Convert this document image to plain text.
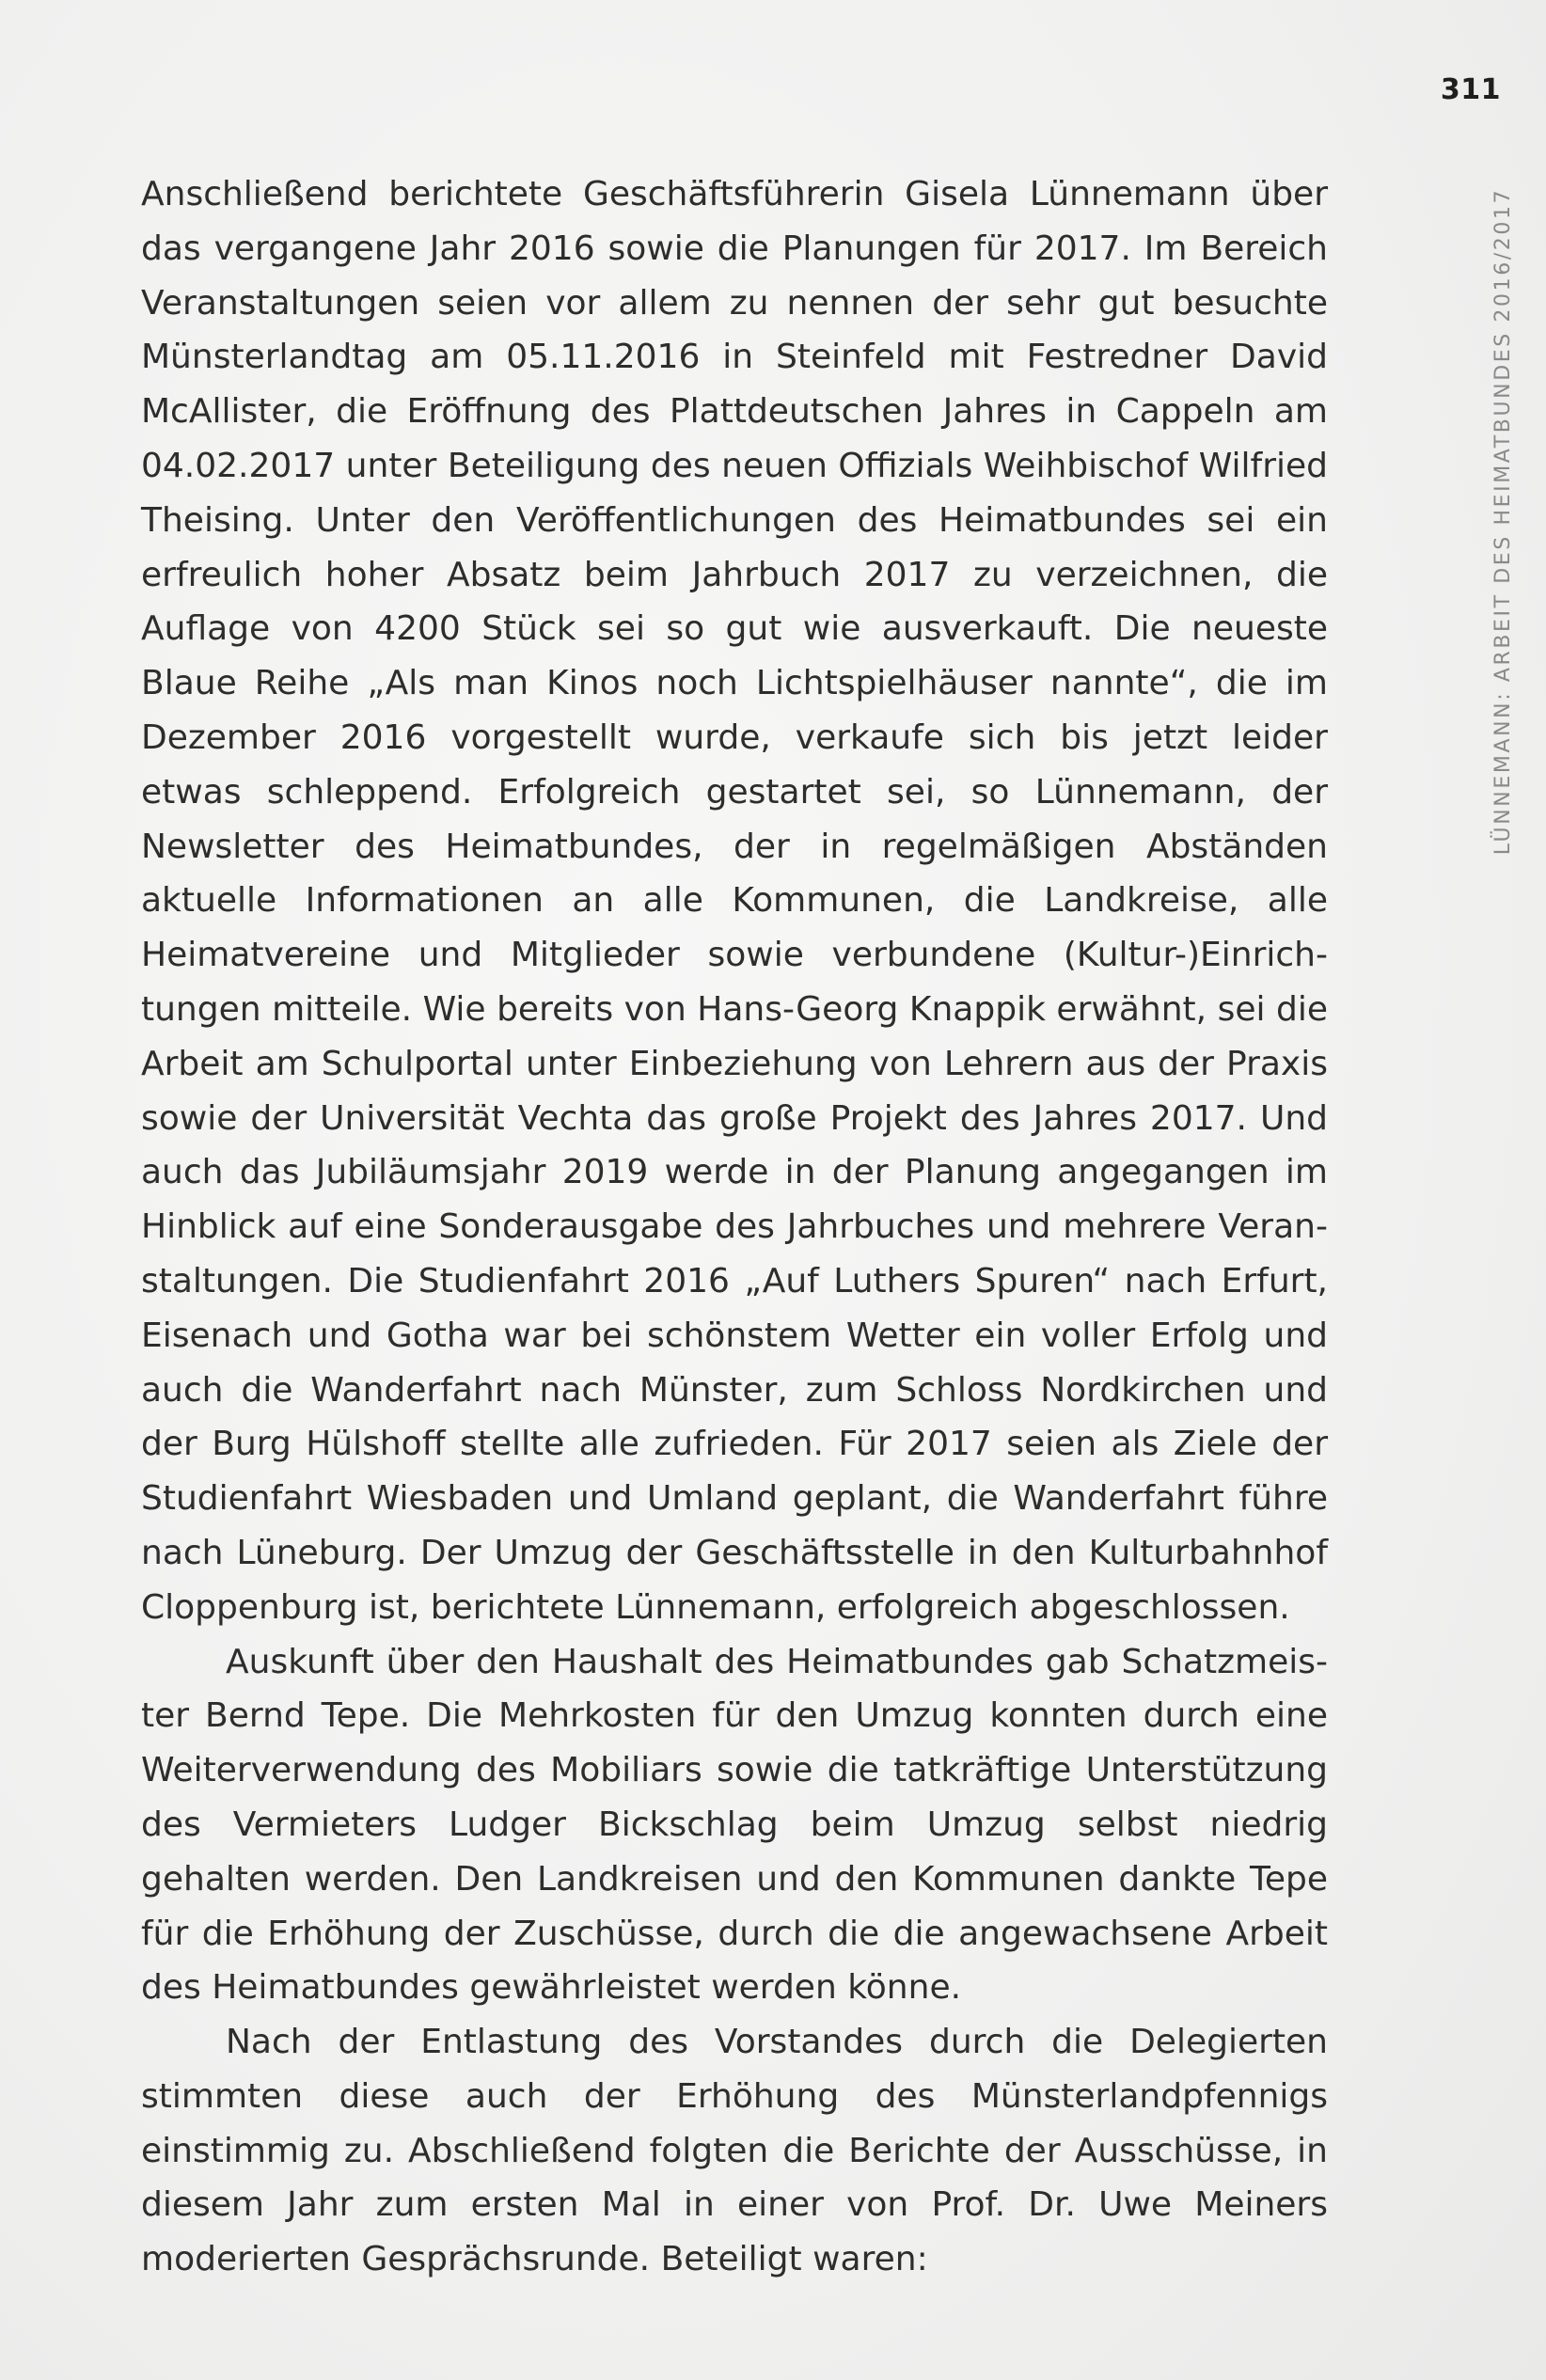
311
LÜNNEMANN: ARBEIT DES HEIMATBUNDES 2016/2017

Anschließend berichtete Geschäftsführerin Gisela Lünnemann über das vergangene Jahr 2016 sowie die Planungen für 2017. Im Bereich Veranstaltungen seien vor allem zu nennen der sehr gut besuchte Münsterlandtag am 05.11.2016 in Steinfeld mit Festredner David McAllister, die Eröffnung des Plattdeutschen Jahres in Cappeln am 04.02.2017 unter Beteiligung des neuen Offizials Weihbischof Wilfried Theising. Unter den Veröffentlichungen des Heimatbundes sei ein erfreulich hoher Absatz beim Jahrbuch 2017 zu verzeichnen, die Auflage von 4200 Stück sei so gut wie ausverkauft. Die neueste Blaue Reihe „Als man Kinos noch Lichtspielhäuser nannte“, die im Dezember 2016 vorgestellt wurde, verkaufe sich bis jetzt leider etwas schleppend. Erfolgreich gestartet sei, so Lünnemann, der Newsletter des Heimatbundes, der in regelmäßigen Abständen aktuelle Informationen an alle Kommunen, die Landkreise, alle Heimatvereine und Mitglieder sowie verbundene (Kultur-)Einrichtungen mitteile. Wie bereits von Hans-Georg Knappik erwähnt, sei die Arbeit am Schulportal unter Einbeziehung von Lehrern aus der Praxis sowie der Universität Vechta das große Projekt des Jahres 2017. Und auch das Jubiläumsjahr 2019 werde in der Planung angegangen im Hinblick auf eine Sonderausgabe des Jahrbuches und mehrere Veranstaltungen. Die Studienfahrt 2016 „Auf Luthers Spuren“ nach Erfurt, Eisenach und Gotha war bei schönstem Wetter ein voller Erfolg und auch die Wanderfahrt nach Münster, zum Schloss Nordkirchen und der Burg Hülshoff stellte alle zufrieden. Für 2017 seien als Ziele der Studienfahrt Wiesbaden und Umland geplant, die Wanderfahrt führe nach Lüneburg. Der Umzug der Geschäftsstelle in den Kulturbahnhof Cloppenburg ist, berichtete Lünnemann, erfolgreich abgeschlossen.

Auskunft über den Haushalt des Heimatbundes gab Schatzmeister Bernd Tepe. Die Mehrkosten für den Umzug konnten durch eine Weiterverwendung des Mobiliars sowie die tatkräftige Unterstützung des Vermieters Ludger Bickschlag beim Umzug selbst niedrig gehalten werden. Den Landkreisen und den Kommunen dankte Tepe für die Erhöhung der Zuschüsse, durch die die angewachsene Arbeit des Heimatbundes gewährleistet werden könne.

Nach der Entlastung des Vorstandes durch die Delegierten stimmten diese auch der Erhöhung des Münsterlandpfennigs einstimmig zu. Abschließend folgten die Berichte der Ausschüsse, in diesem Jahr zum ersten Mal in einer von Prof. Dr. Uwe Meiners moderierten Gesprächsrunde. Beteiligt waren:
